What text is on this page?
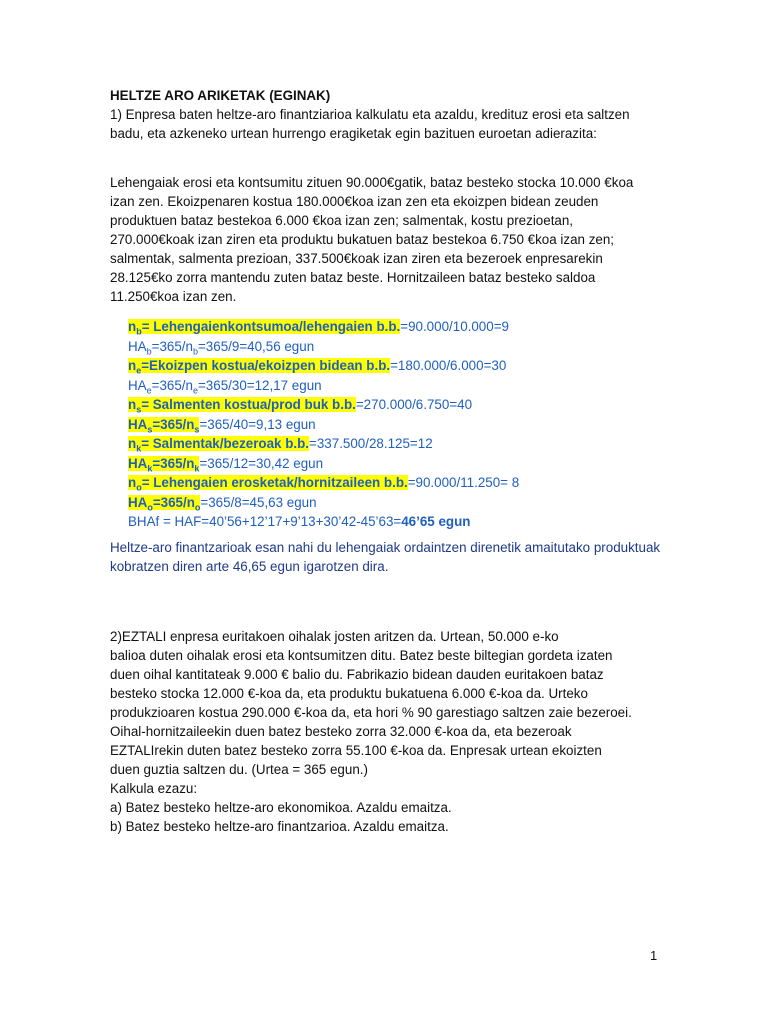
HELTZE ARO ARIKETAK (EGINAK)

1) Enpresa baten heltze-aro finantziarioa kalkulatu eta azaldu, kredituz erosi eta saltzen badu, eta azkeneko urtean hurrengo eragiketak egin bazituen euroetan adierazita:

Lehengaiak erosi eta kontsumitu zituen 90.000€gatik, bataz besteko stocka 10.000 €koa izan zen. Ekoizpenaren kostua 180.000€koa izan zen eta ekoizpen bidean zeuden produktuen bataz bestekoa 6.000 €koa izan zen; salmentak, kostu prezioetan, 270.000€koak izan ziren eta produktu bukatuen bataz bestekoa 6.750 €koa izan zen; salmentak, salmenta prezioan, 337.500€koak izan ziren eta bezeroek enpresarekin 28.125€ko zorra mantendu zuten bataz beste. Hornitzaileen bataz besteko saldoa 11.250€koa izan zen.

$n_b=$ Lehengaienkontsumoa/lehengaien b.b.=90.000/10.000=9
$HA_b=365/n_b=365/9=40,56$ egun
$n_e=Ekoizpen$ kostua/ekoizpen bidean b.b.=180.000/6.000=30
$HA_e=365/n_e=365/30=12,17$ egun
$n_s=$ Salmenten kostua/prod buk b.b.=270.000/6.750=40
$HA_s=365/n_s=365/40=9,13$ egun
$n_k=$ Salmentak/bezeroak b.b.=337.500/28.125=12
$HA_k=365/n_k=365/12=30,42$ egun
$n_o=$ Lehengaien erosketak/hornitzaileen b.b.=90.000/11.250= 8
$HA_o=365/n_o=365/8=45,63$ egun
BHAf = HAF=40’56+12’17+9’13+30’42-45’63=46’65 egun

Heltze-aro finantzarioak esan nahi du lehengaiak ordaintzen direnetik amaitutako produktuak kobratzen diren arte 46,65 egun igarotzen dira.

2)EZTALI enpresa euritakoen oihalak josten aritzen da. Urtean, 50.000 e-ko
balioa duten oihalak erosi eta kontsumitzen ditu. Batez beste biltegian gordeta izaten
duen oihal kantitateak 9.000 € balio du. Fabrikazio bidean dauden euritakoen bataz
besteko stocka 12.000 €-koa da, eta produktu bukatuena 6.000 €-koa da. Urteko
produkzioaren kostua 290.000 €-koa da, eta hori % 90 garestiago saltzen zaie bezeroei.
Oihal-hornitzaileekin duen batez besteko zorra 32.000 €-koa da, eta bezeroak
EZTALIrekin duten batez besteko zorra 55.100 €-koa da. Enpresak urtean ekoizten
duen guztia saltzen du. (Urtea = 365 egun.)
Kalkula ezazu:
a) Batez besteko heltze-aro ekonomikoa. Azaldu emaitza.
b) Batez besteko heltze-aro finantzarioa. Azaldu emaitza.
1
